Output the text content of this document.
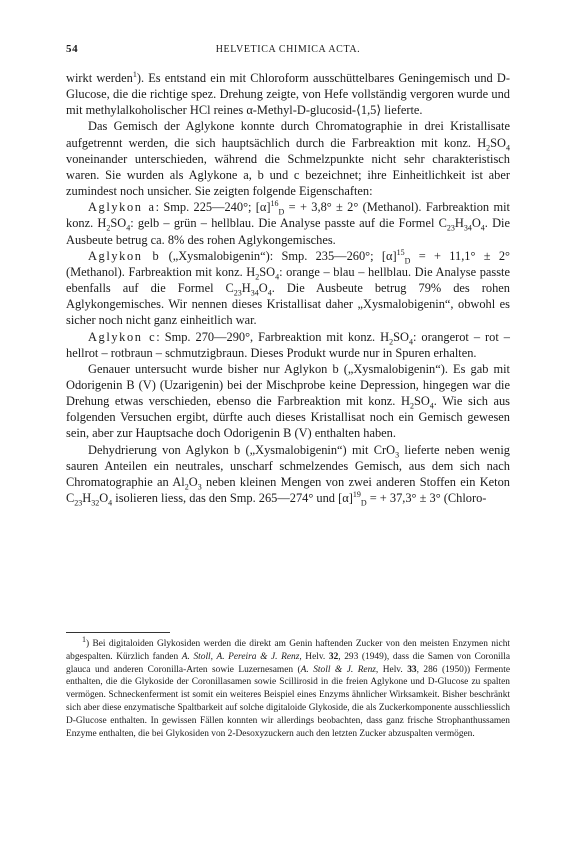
54	HELVETICA CHIMICA ACTA.

wirkt werden$^1$). Es entstand ein mit Chloroform ausschüttelbares Geningemisch und D-Glucose, die die richtige spez. Drehung zeigte, von Hefe vollständig vergoren wurde und mit methylalkoholischer HCl reines α-Methyl-D-glucosid-⟨1,5⟩ lieferte.

Das Gemisch der Aglykone konnte durch Chromatographie in drei Kristallisate aufgetrennt werden, die sich hauptsächlich durch die Farbreaktion mit konz. $H_2SO_4$ voneinander unterschieden, während die Schmelzpunkte nicht sehr charakteristisch waren. Sie wurden als Aglykone a, b und c bezeichnet; ihre Einheitlichkeit ist aber zumindest noch unsicher. Sie zeigten folgende Eigenschaften:

Aglykon a: Smp. 225—240°; $[\alpha]^{16}_D$ = + 3,8° ± 2° (Methanol). Farbreaktion mit konz. $H_2SO_4$: gelb – grün – hellblau. Die Analyse passte auf die Formel $C_{23}H_{34}O_4$. Die Ausbeute betrug ca. 8% des rohen Aglykongemisches.

Aglykon b („Xysmalobigenin“): Smp. 235—260°; $[\alpha]^{15}_D$ = + 11,1° ± 2° (Methanol). Farbreaktion mit konz. $H_2SO_4$: orange – blau – hellblau. Die Analyse passte ebenfalls auf die Formel $C_{23}H_{34}O_4$. Die Ausbeute betrug 79% des rohen Aglykongemisches. Wir nennen dieses Kristallisat daher „Xysmalobigenin“, obwohl es sicher noch nicht ganz einheitlich war.

Aglykon c: Smp. 270—290°, Farbreaktion mit konz. $H_2SO_4$: orangerot – rot – hellrot – rotbraun – schmutzigbraun. Dieses Produkt wurde nur in Spuren erhalten.

Genauer untersucht wurde bisher nur Aglykon b („Xysmalobigenin“). Es gab mit Odorigenin B (V) (Uzarigenin) bei der Mischprobe keine Depression, hingegen war die Drehung etwas verschieden, ebenso die Farbreaktion mit konz. $H_2SO_4$. Wie sich aus folgenden Versuchen ergibt, dürfte auch dieses Kristallisat noch ein Gemisch gewesen sein, aber zur Hauptsache doch Odorigenin B (V) enthalten haben.

Dehydrierung von Aglykon b („Xysmalobigenin“) mit CrO$_3$ lieferte neben wenig sauren Anteilen ein neutrales, unscharf schmelzendes Gemisch, aus dem sich nach Chromatographie an $Al_2O_3$ neben kleinen Mengen von zwei anderen Stoffen ein Keton $C_{23}H_{32}O_4$ isolieren liess, das den Smp. 265—274° und $[\alpha]^{19}_D$ = + 37,3° ± 3° (Chloro-

$^1$) Bei digitaloiden Glykosiden werden die direkt am Genin haftenden Zucker von den meisten Enzymen nicht abgespalten. Kürzlich fanden A. Stoll, A. Pereira & J. Renz, Helv. 32, 293 (1949), dass die Samen von Coronilla glauca und anderen Coronilla-Arten sowie Luzernesamen (A. Stoll & J. Renz, Helv. 33, 286 (1950)) Fermente enthalten, die die Glykoside der Coronillasamen sowie Scillirosid in die freien Aglykone und D-Glucose zu spalten vermögen. Schneckenferment ist somit ein weiteres Beispiel eines Enzyms ähnlicher Wirksamkeit. Bisher beschränkt sich aber diese enzymatische Spaltbarkeit auf solche digitaloide Glykoside, die als Zuckerkomponente ausschliesslich D-Glucose enthalten. In gewissen Fällen konnten wir allerdings beobachten, dass ganz frische Strophanthussamen Enzyme enthalten, die bei Glykosiden von 2-Desoxyzuckern auch den letzten Zucker abzuspalten vermögen.
